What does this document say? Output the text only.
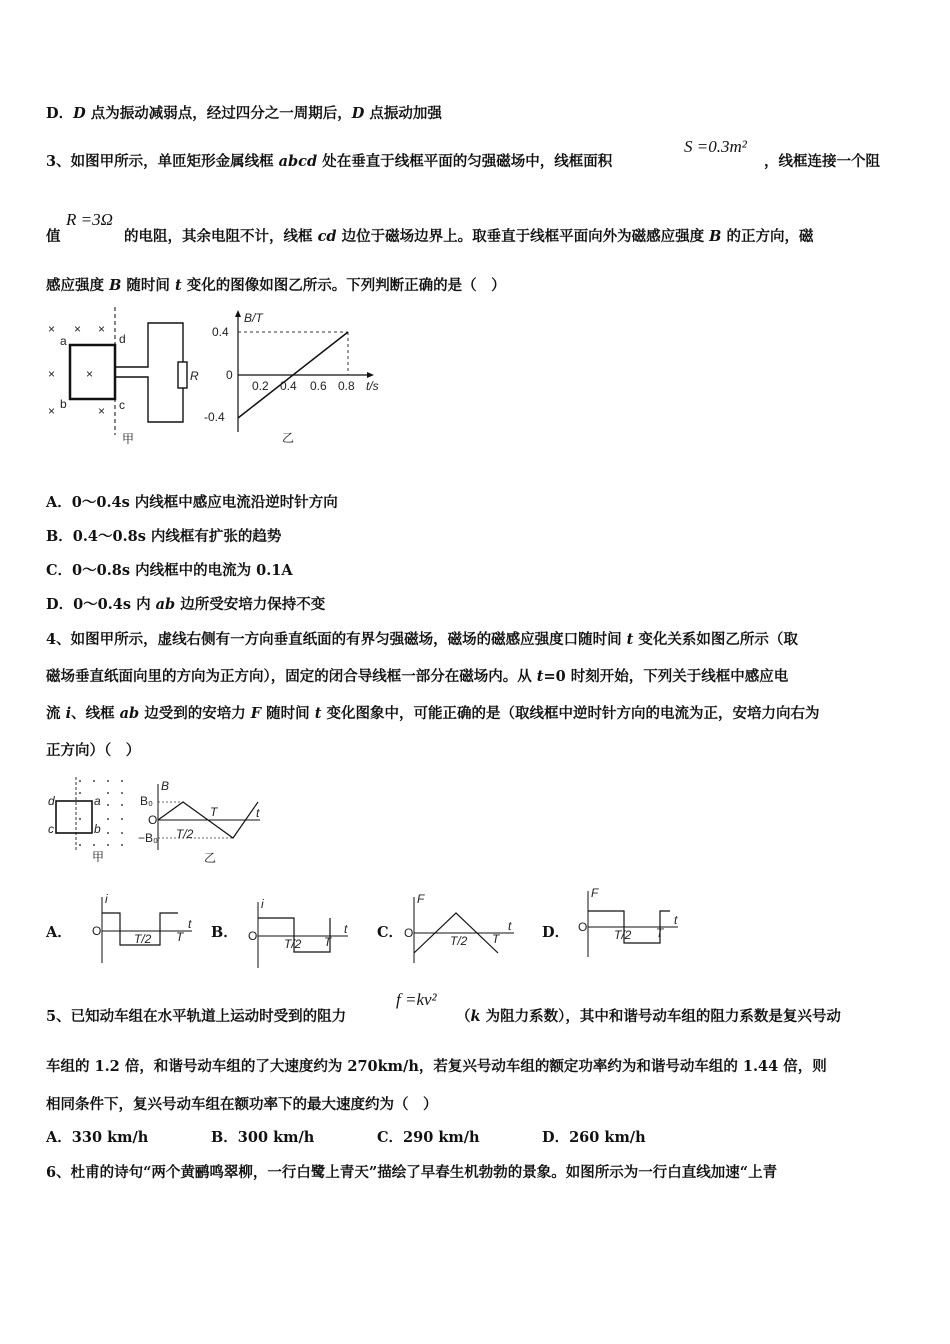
D．D 点为振动减弱点，经过四分之一周期后，D 点振动加强
3、如图甲所示，单匝矩形金属线框 abcd 处在垂直于线框平面的匀强磁场中，线框面积
S =0.3m²
，线框连接一个阻
值
R =3Ω
的电阻，其余电阻不计，线框 cd 边位于磁场边界上。取垂直于线框平面向外为磁感应强度 B 的正方向，磁
感应强度 B 随时间 t 变化的图像如图乙所示。下列判断正确的是（　）
× × ×
×	×
×	×
a
b	c
d
R
甲
B/T
0.4
0
-0.4
0.2 0.4 0.6 0.8 t/s
乙
A．0～0.4s 内线框中感应电流沿逆时针方向
B．0.4～0.8s 内线框有扩张的趋势
C．0～0.8s 内线框中的电流为 0.1A
D．0～0.4s 内 ab 边所受安培力保持不变
4、如图甲所示，虚线右侧有一方向垂直纸面的有界匀强磁场，磁场的磁感应强度口随时间 t 变化关系如图乙所示（取
磁场垂直纸面向里的方向为正方向），固定的闭合导线框一部分在磁场内。从 t=0 时刻开始，下列关于线框中感应电
流 i、线框 ab 边受到的安培力 F 随时间 t 变化图象中，可能正确的是（取线框中逆时针方向的电流为正，安培力向右为
正方向）（　）
d	a
c	b
甲
B
B₀
O
−B₀ T/2
T	t
乙
A．
i
O
T/2 T
t B．
i
O
T/2 T
t C．
F
O
T/2 T
t D．
F
O
T/2 T
t
5、已知动车组在水平轨道上运动时受到的阻力
f =kv²
（k 为阻力系数），其中和谐号动车组的阻力系数是复兴号动
车组的 1.2 倍，和谐号动车组的了大速度约为 270km/h，若复兴号动车组的额定功率约为和谐号动车组的 1.44 倍，则
相同条件下，复兴号动车组在额功率下的最大速度约为（　）
A．330 km/h	B．300 km/h	C．290 km/h	D．260 km/h
6、杜甫的诗句“两个黄鹂鸣翠柳，一行白鹭上青天”描绘了早春生机勃勃的景象。如图所示为一行白直线加速“上青
